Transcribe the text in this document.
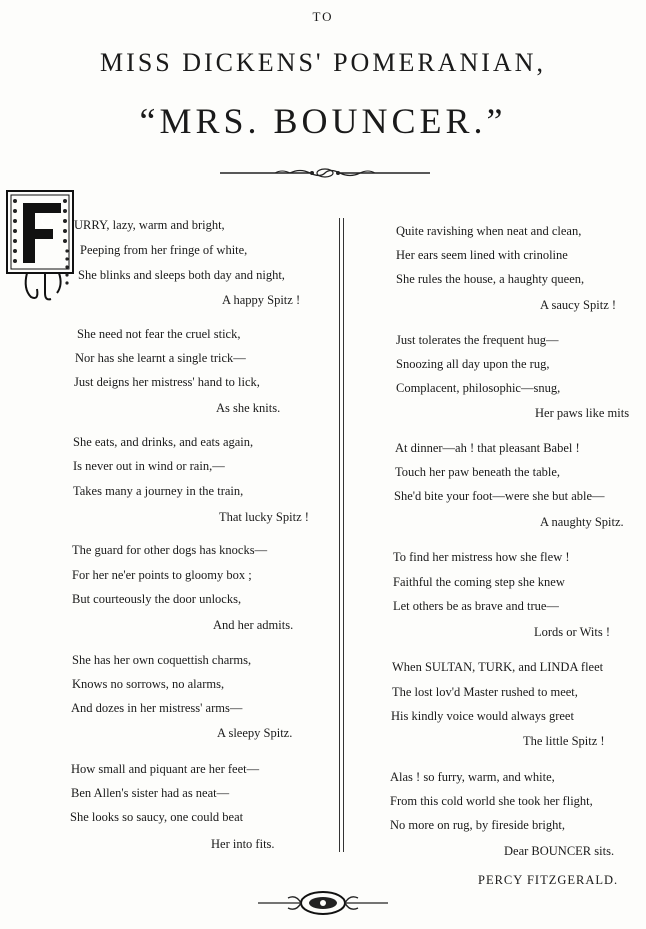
TO
MISS DICKENS' POMERANIAN,
“MRS. BOUNCER.”
URRY, lazy, warm and bright,
Peeping from her fringe of white,
She blinks and sleeps both day and night,
A happy Spitz !
She need not fear the cruel stick,
Nor has she learnt a single trick—
Just deigns her mistress' hand to lick,
As she knits.
She eats, and drinks, and eats again,
Is never out in wind or rain,—
Takes many a journey in the train,
That lucky Spitz !
The guard for other dogs has knocks—
For her ne'er points to gloomy box ;
But courteously the door unlocks,
And her admits.
She has her own coquettish charms,
Knows no sorrows, no alarms,
And dozes in her mistress' arms—
A sleepy Spitz.
How small and piquant are her feet—
Ben Allen's sister had as neat—
She looks so saucy, one could beat
Her into fits.
Quite ravishing when neat and clean,
Her ears seem lined with crinoline
She rules the house, a haughty queen,
A saucy Spitz !
Just tolerates the frequent hug—
Snoozing all day upon the rug,
Complacent, philosophic—snug,
Her paws like mits
At dinner—ah ! that pleasant Babel !
Touch her paw beneath the table,
She'd bite your foot—were she but able—
A naughty Spitz.
To find her mistress how she flew !
Faithful the coming step she knew
Let others be as brave and true—
Lords or Wits !
When SULTAN, TURK, and LINDA fleet
The lost lov'd Master rushed to meet,
His kindly voice would always greet
The little Spitz !
Alas ! so furry, warm, and white,
From this cold world she took her flight,
No more on rug, by fireside bright,
Dear BOUNCER sits.
PERCY FITZGERALD.
